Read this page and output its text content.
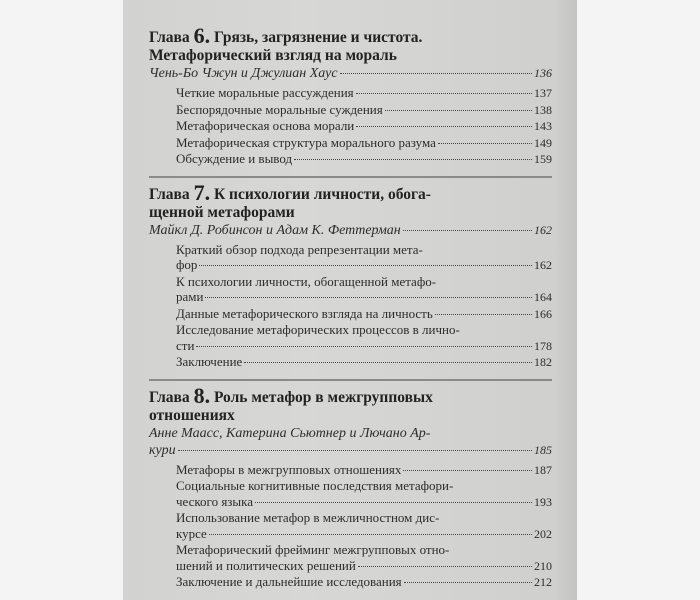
Глава 6. Грязь, загрязнение и чистота.
Метафорический взгляд на мораль
Чень-Бо Чжун и Джулиан Хаус	136
Четкие моральные рассуждения	137
Беспорядочные моральные суждения	138
Метафорическая основа морали	143
Метафорическая структура морального разума	149
Обсуждение и вывод	159
Глава 7. К психологии личности, обога-
щенной метафорами
Майкл Д. Робинсон и Адам К. Феттерман	162
Краткий обзор подхода репрезентации мета-
фор	162
К психологии личности, обогащенной метафо-
рами	164
Данные метафорического взгляда на личность	166
Исследование метафорических процессов в лично-
сти	178
Заключение	182
Глава 8. Роль метафор в межгрупповых
отношениях
Анне Маасс, Катерина Сьютнер и Лючано Ар-
кури	185
Метафоры в межгрупповых отношениях	187
Социальные когнитивные последствия метафори-
ческого языка	193
Использование метафор в межличностном дис-
курсе	202
Метафорический фрейминг межгрупповых отно-
шений и политических решений	210
Заключение и дальнейшие исследования	212
